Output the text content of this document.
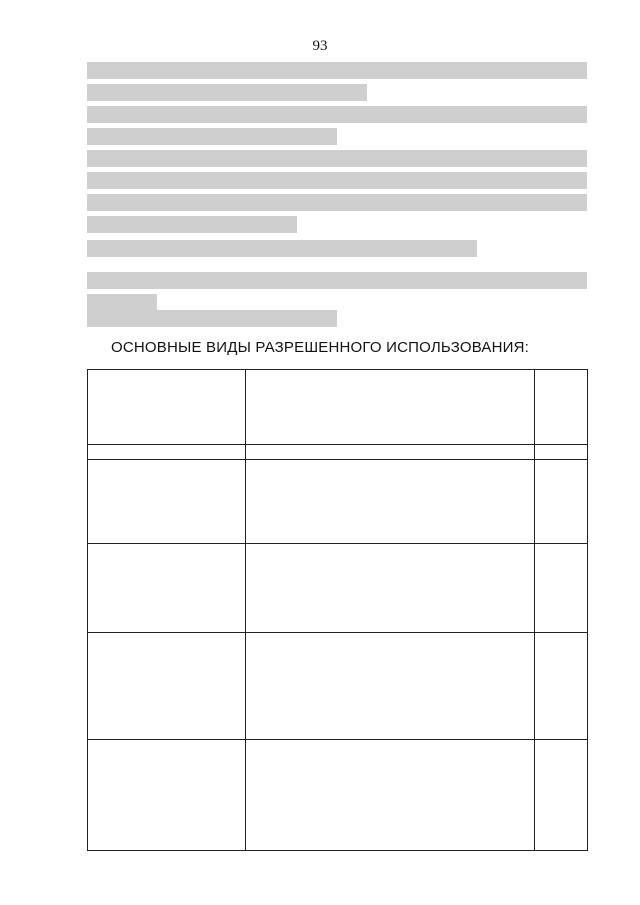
93
ОСНОВНЫЕ ВИДЫ РАЗРЕШЕННОГО ИСПОЛЬЗОВАНИЯ:
